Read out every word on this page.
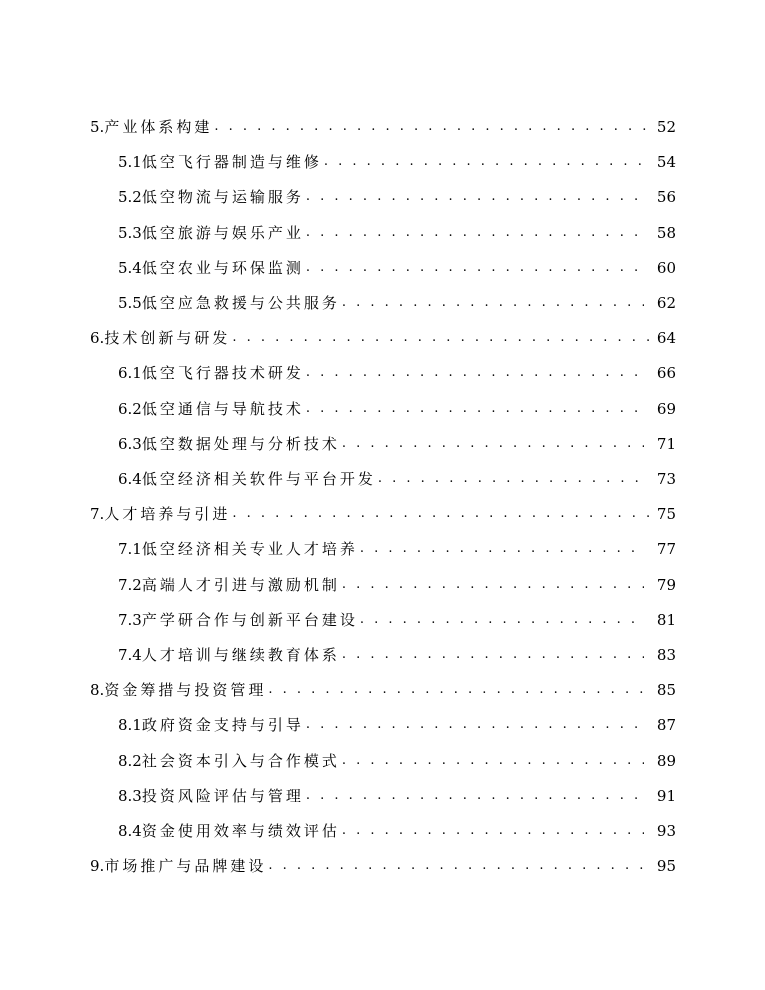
5. 产业体系构建 . . .	52
5.1 低空飞行器制造与维修 . . .	54
5.2 低空物流与运输服务 . . .	56
5.3 低空旅游与娱乐产业 . . .	58
5.4 低空农业与环保监测 . . .	60
5.5 低空应急救援与公共服务 . . .	62
6. 技术创新与研发 . . .	64
6.1 低空飞行器技术研发 . . .	66
6.2 低空通信与导航技术 . . .	69
6.3 低空数据处理与分析技术 . . .	71
6.4 低空经济相关软件与平台开发 . . .	73
7. 人才培养与引进 . . .	75
7.1 低空经济相关专业人才培养 . . .	77
7.2 高端人才引进与激励机制 . . .	79
7.3 产学研合作与创新平台建设 . . .	81
7.4 人才培训与继续教育体系 . . .	83
8. 资金筹措与投资管理 . . .	85
8.1 政府资金支持与引导 . . .	87
8.2 社会资本引入与合作模式 . . .	89
8.3 投资风险评估与管理 . . .	91
8.4 资金使用效率与绩效评估 . . .	93
9. 市场推广与品牌建设 . . .	95
